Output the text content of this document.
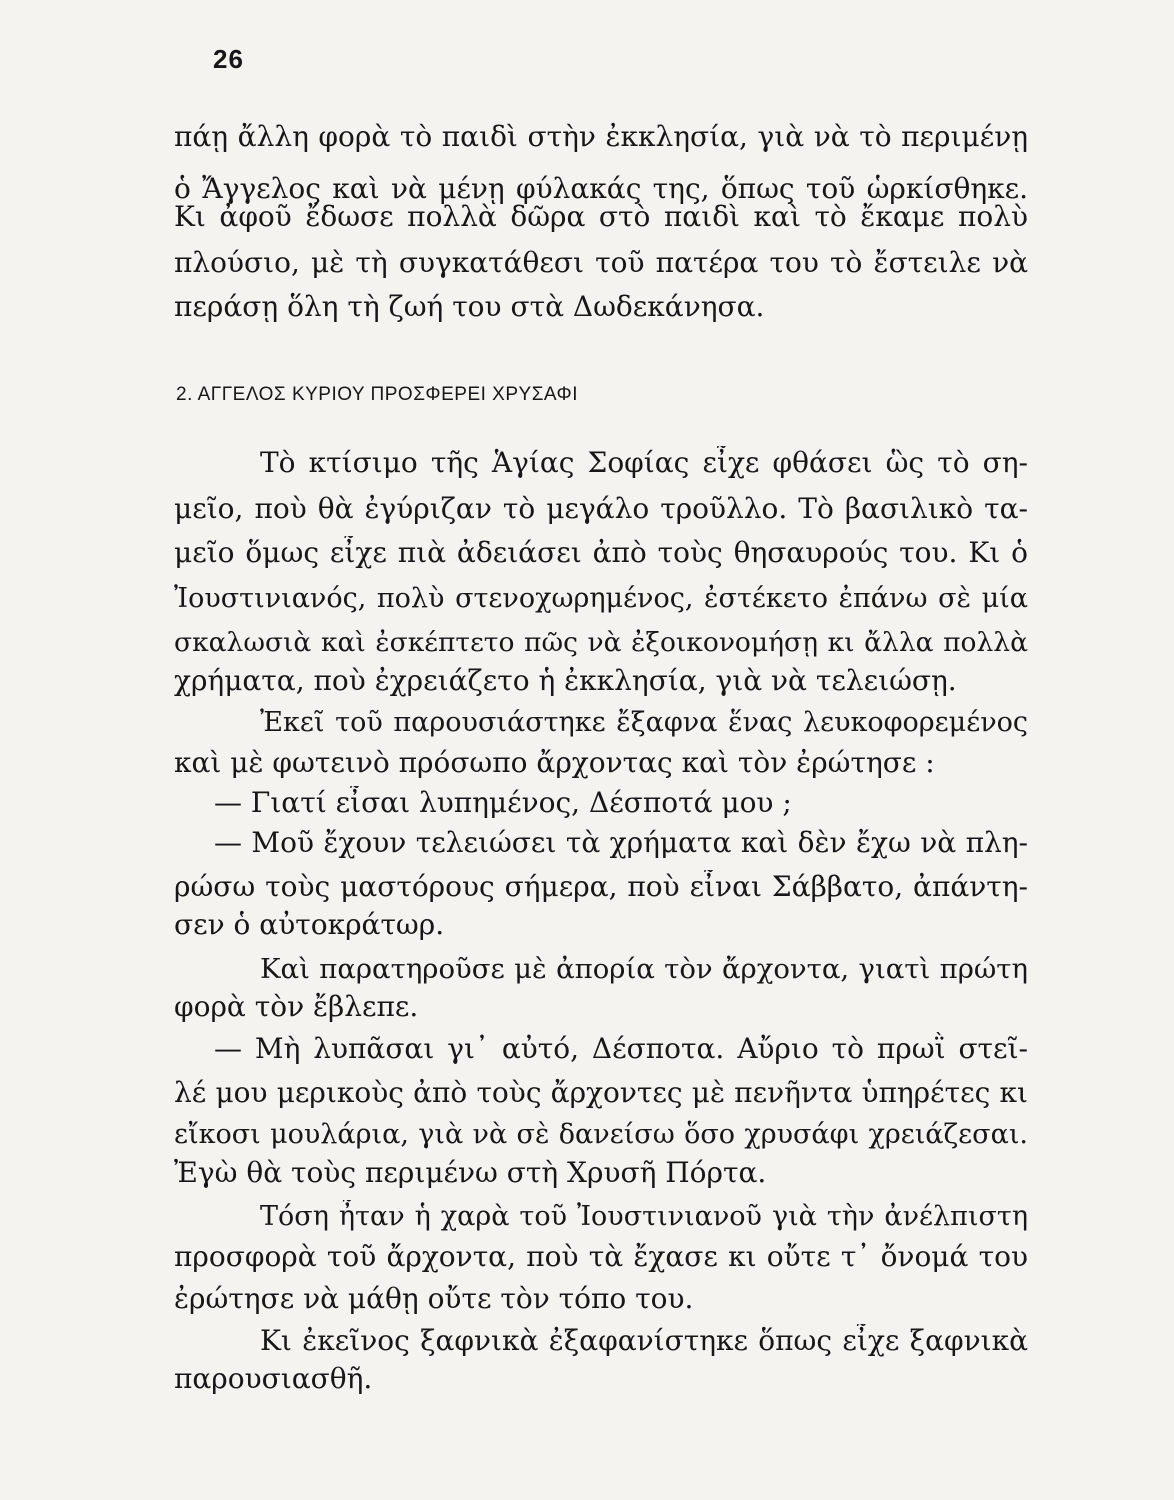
26
πάῃ ἄλλη φορὰ τὸ παιδὶ στὴν ἐκκλησία, γιὰ νὰ τὸ περιμένῃ
ὁ Ἄγγελος καὶ νὰ μένῃ φύλακάς της, ὅπως τοῦ ὡρκίσθηκε.
Κι ἀφοῦ ἔδωσε πολλὰ δῶρα στὸ παιδὶ καὶ τὸ ἔκαμε πολὺ
πλούσιο, μὲ τὴ συγκατάθεσι τοῦ πατέρα του τὸ ἔστειλε νὰ
περάσῃ ὅλη τὴ ζωή του στὰ Δωδεκάνησα.
2. ΑΓΓΕΛΟΣ ΚΥΡΙΟΥ ΠΡΟΣΦΕΡΕΙ ΧΡΥΣΑΦΙ
Τὸ κτίσιμο τῆς Ἁγίας Σοφίας εἶχε φθάσει ὣς τὸ ση-
μεῖο, ποὺ θὰ ἐγύριζαν τὸ μεγάλο τροῦλλο. Τὸ βασιλικὸ τα-
μεῖο ὅμως εἶχε πιὰ ἀδειάσει ἀπὸ τοὺς θησαυρούς του. Κι ὁ
Ἰουστινιανός, πολὺ στενοχωρημένος, ἐστέκετο ἐπάνω σὲ μία
σκαλωσιὰ καὶ ἐσκέπτετο πῶς νὰ ἐξοικονομήσῃ κι ἄλλα πολλὰ
χρήματα, ποὺ ἐχρειάζετο ἡ ἐκκλησία, γιὰ νὰ τελειώσῃ.
Ἐκεῖ τοῦ παρουσιάστηκε ἔξαφνα ἕνας λευκοφορεμένος
καὶ μὲ φωτεινὸ πρόσωπο ἄρχοντας καὶ τὸν ἐρώτησε :
— Γιατί εἶσαι λυπημένος, Δέσποτά μου ;
— Μοῦ ἔχουν τελειώσει τὰ χρήματα καὶ δὲν ἔχω νὰ πλη-
ρώσω τοὺς μαστόρους σήμερα, ποὺ εἶναι Σάββατο, ἀπάντη-
σεν ὁ αὐτοκράτωρ.
Καὶ παρατηροῦσε μὲ ἀπορία τὸν ἄρχοντα, γιατὶ πρώτη
φορὰ τὸν ἔβλεπε.
— Μὴ λυπᾶσαι γι᾽ αὐτό, Δέσποτα. Αὔριο τὸ πρωῒ στεῖ-
λέ μου μερικοὺς ἀπὸ τοὺς ἄρχοντες μὲ πενῆντα ὑπηρέτες κι
εἴκοσι μουλάρια, γιὰ νὰ σὲ δανείσω ὅσο χρυσάφι χρειάζεσαι.
Ἐγὼ θὰ τοὺς περιμένω στὴ Χρυσῆ Πόρτα.
Τόση ἦταν ἡ χαρὰ τοῦ Ἰουστινιανοῦ γιὰ τὴν ἀνέλπιστη
προσφορὰ τοῦ ἄρχοντα, ποὺ τὰ ἔχασε κι οὔτε τ᾽ ὄνομά του
ἐρώτησε νὰ μάθῃ οὔτε τὸν τόπο του.
Κι ἐκεῖνος ξαφνικὰ ἐξαφανίστηκε ὅπως εἶχε ξαφνικὰ
παρουσιασθῆ.
